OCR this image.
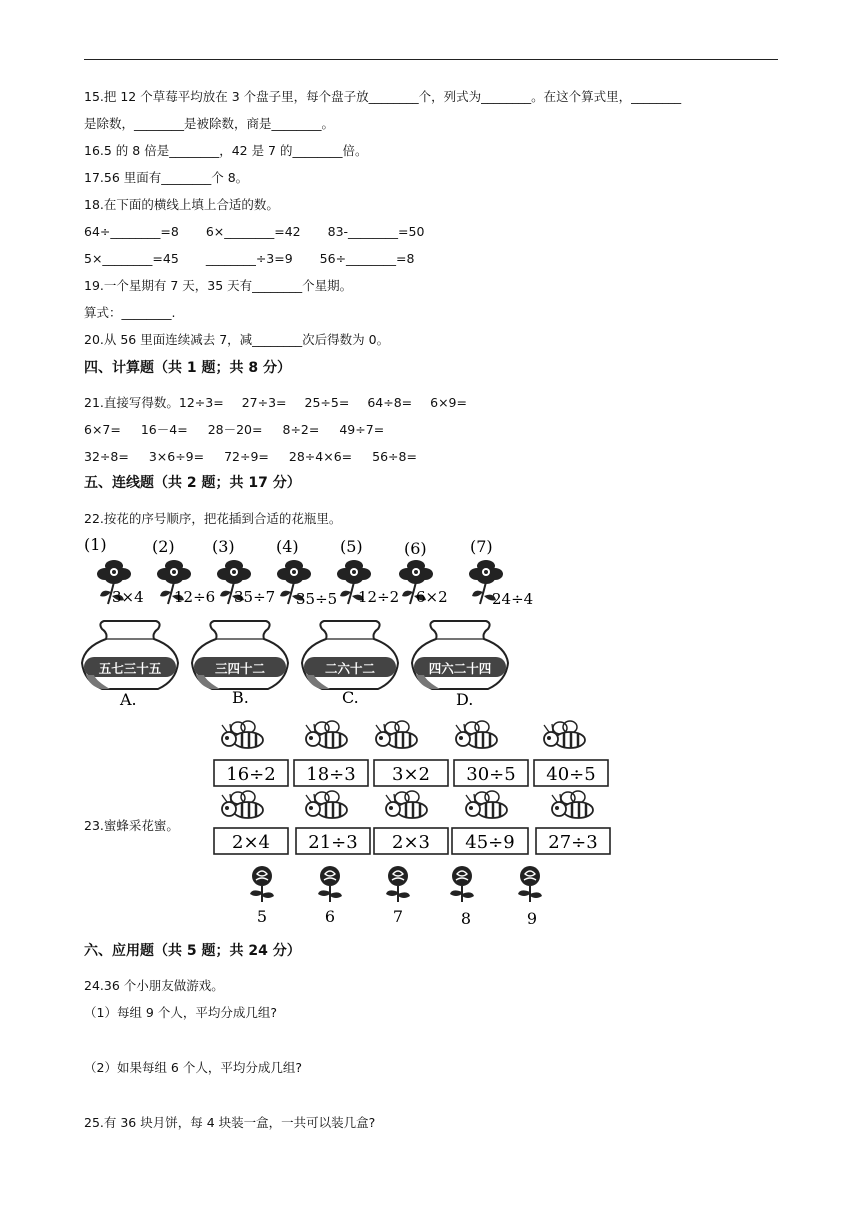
15.把 12 个草莓平均放在 3 个盘子里，每个盘子放________个，列式为________。在这个算式里，________
是除数，________是被除数，商是________。
16.5 的 8 倍是________，42 是 7 的________倍。
17.56 里面有________个 8。
18.在下面的横线上填上合适的数。
64÷________=8 6×________=42 83-________=50
5×________=45 ________÷3=9 56÷________=8
19.一个星期有 7 天，35 天有________个星期。
算式：________.
20.从 56 里面连续减去 7，减________次后得数为 0。
四、计算题（共 1 题；共 8 分）
21.直接写得数。12÷3= 27÷3= 25÷5= 64÷8= 6×9=
6×7= 16－4= 28－20= 8÷2= 49÷7=
32÷8= 3×6÷9= 72÷9= 28÷4×6= 56÷8=
五、连线题（共 2 题；共 17 分）
22.按花的序号顺序，把花插到合适的花瓶里。
(1)	(2) (3)	(4)	(5)	(6)	(7)
3×4 12÷6 35÷7 35÷5 12÷2 6×2	24÷4
五七三十五	三四十二	二六十二	四六二十四
A.	B.	C.	D.
23.蜜蜂采花蜜。
16÷2 18÷3 3×2 30÷5 40÷5
2×4 21÷3 2×3 45÷9 27÷3
5	6	7	8	9
六、应用题（共 5 题；共 24 分）
24.36 个小朋友做游戏。
（1）每组 9 个人，平均分成几组?
（2）如果每组 6 个人，平均分成几组?
25.有 36 块月饼，每 4 块装一盒，一共可以装几盒?
